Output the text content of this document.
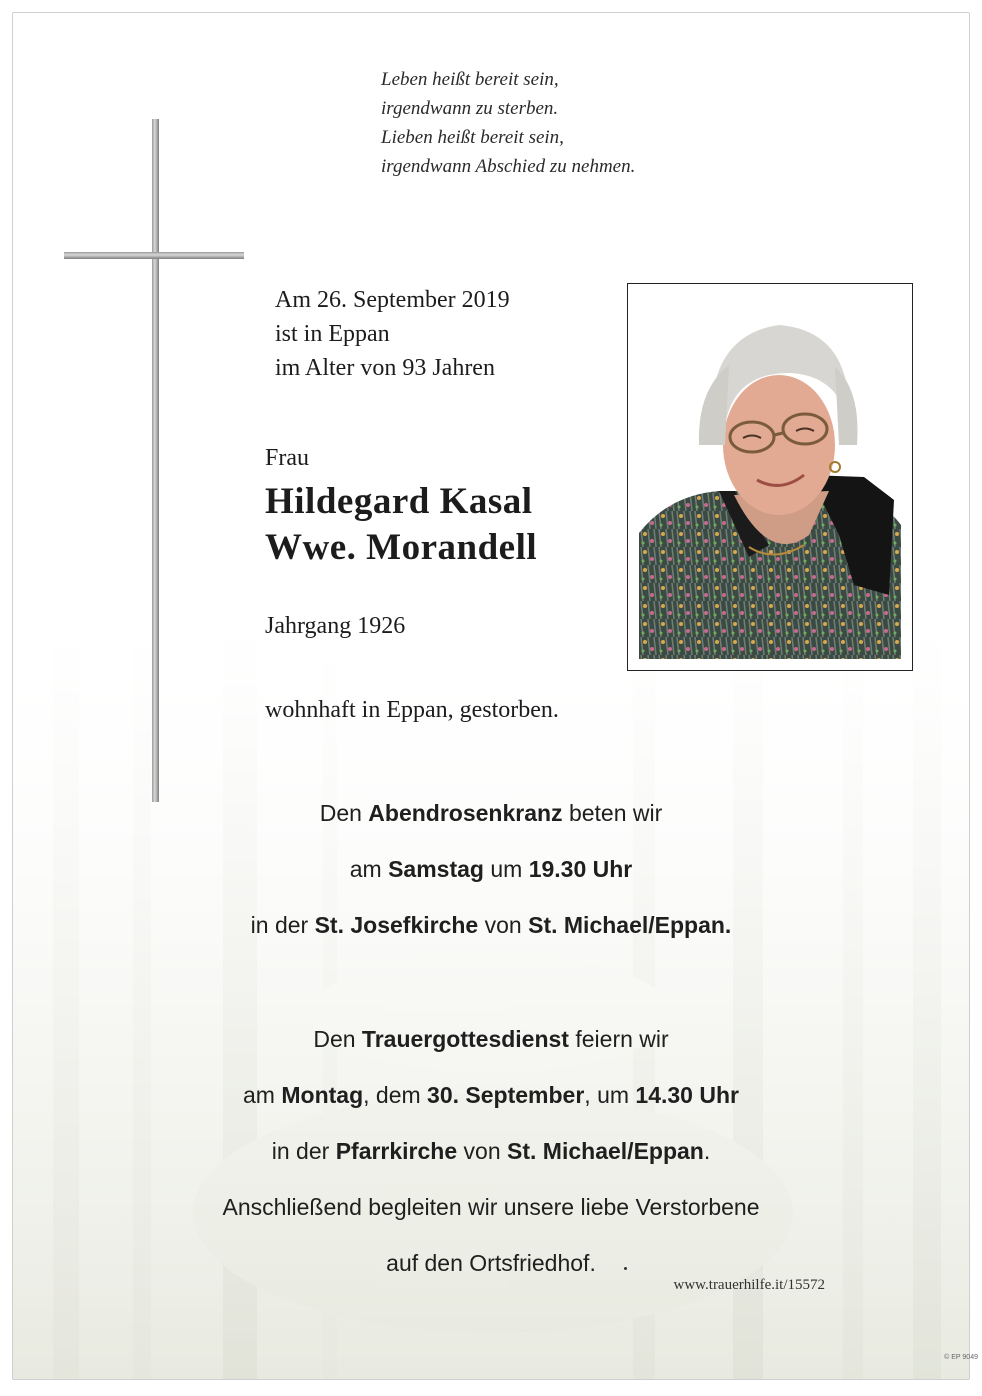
Leben heißt bereit sein,
irgendwann zu sterben.
Lieben heißt bereit sein,
irgendwann Abschied zu nehmen.
Am 26. September 2019
ist in Eppan
im Alter von 93 Jahren
Frau
Hildegard Kasal
Wwe. Morandell
Jahrgang 1926
wohnhaft in Eppan, gestorben.
Den Abendrosenkranz beten wir
am Samstag um 19.30 Uhr
in der St. Josefkirche von St. Michael/Eppan.
Den Trauergottesdienst feiern wir
am Montag, dem 30. September, um 14.30 Uhr
in der Pfarrkirche von St. Michael/Eppan.
Anschließend begleiten wir unsere liebe Verstorbene
auf den Ortsfriedhof.
www.trauerhilfe.it/15572
© EP 9049
